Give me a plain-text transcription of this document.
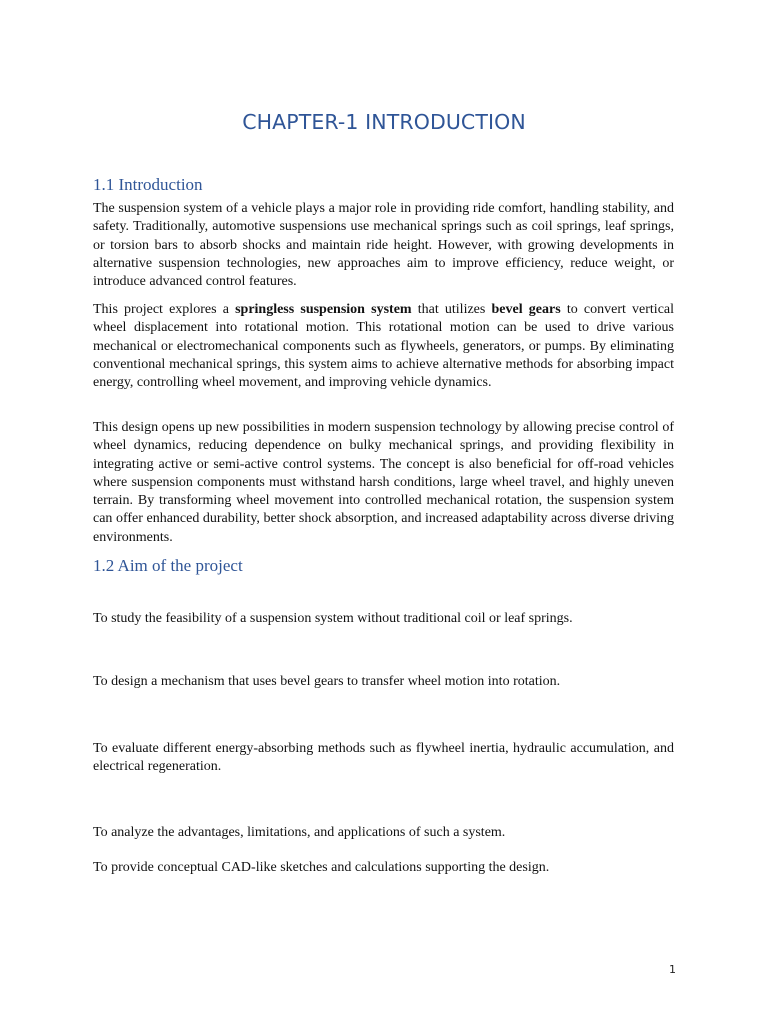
CHAPTER-1 INTRODUCTION
1.1 Introduction

The suspension system of a vehicle plays a major role in providing ride comfort, handling stability, and safety. Traditionally, automotive suspensions use mechanical springs such as coil springs, leaf springs, or torsion bars to absorb shocks and maintain ride height. However, with growing developments in alternative suspension technologies, new approaches aim to improve efficiency, reduce weight, or introduce advanced control features.

This project explores a springless suspension system that utilizes bevel gears to convert vertical wheel displacement into rotational motion. This rotational motion can be used to drive various mechanical or electromechanical components such as flywheels, generators, or pumps. By eliminating conventional mechanical springs, this system aims to achieve alternative methods for absorbing impact energy, controlling wheel movement, and improving vehicle dynamics.

This design opens up new possibilities in modern suspension technology by allowing precise control of wheel dynamics, reducing dependence on bulky mechanical springs, and providing flexibility in integrating active or semi-active control systems. The concept is also beneficial for off-road vehicles where suspension components must withstand harsh conditions, large wheel travel, and highly uneven terrain. By transforming wheel movement into controlled mechanical rotation, the suspension system can offer enhanced durability, better shock absorption, and increased adaptability across diverse driving environments.

1.2 Aim of the project

To study the feasibility of a suspension system without traditional coil or leaf springs.

To design a mechanism that uses bevel gears to transfer wheel motion into rotation.

To evaluate different energy-absorbing methods such as flywheel inertia, hydraulic accumulation, and electrical regeneration.

To analyze the advantages, limitations, and applications of such a system.

To provide conceptual CAD-like sketches and calculations supporting the design.

1
